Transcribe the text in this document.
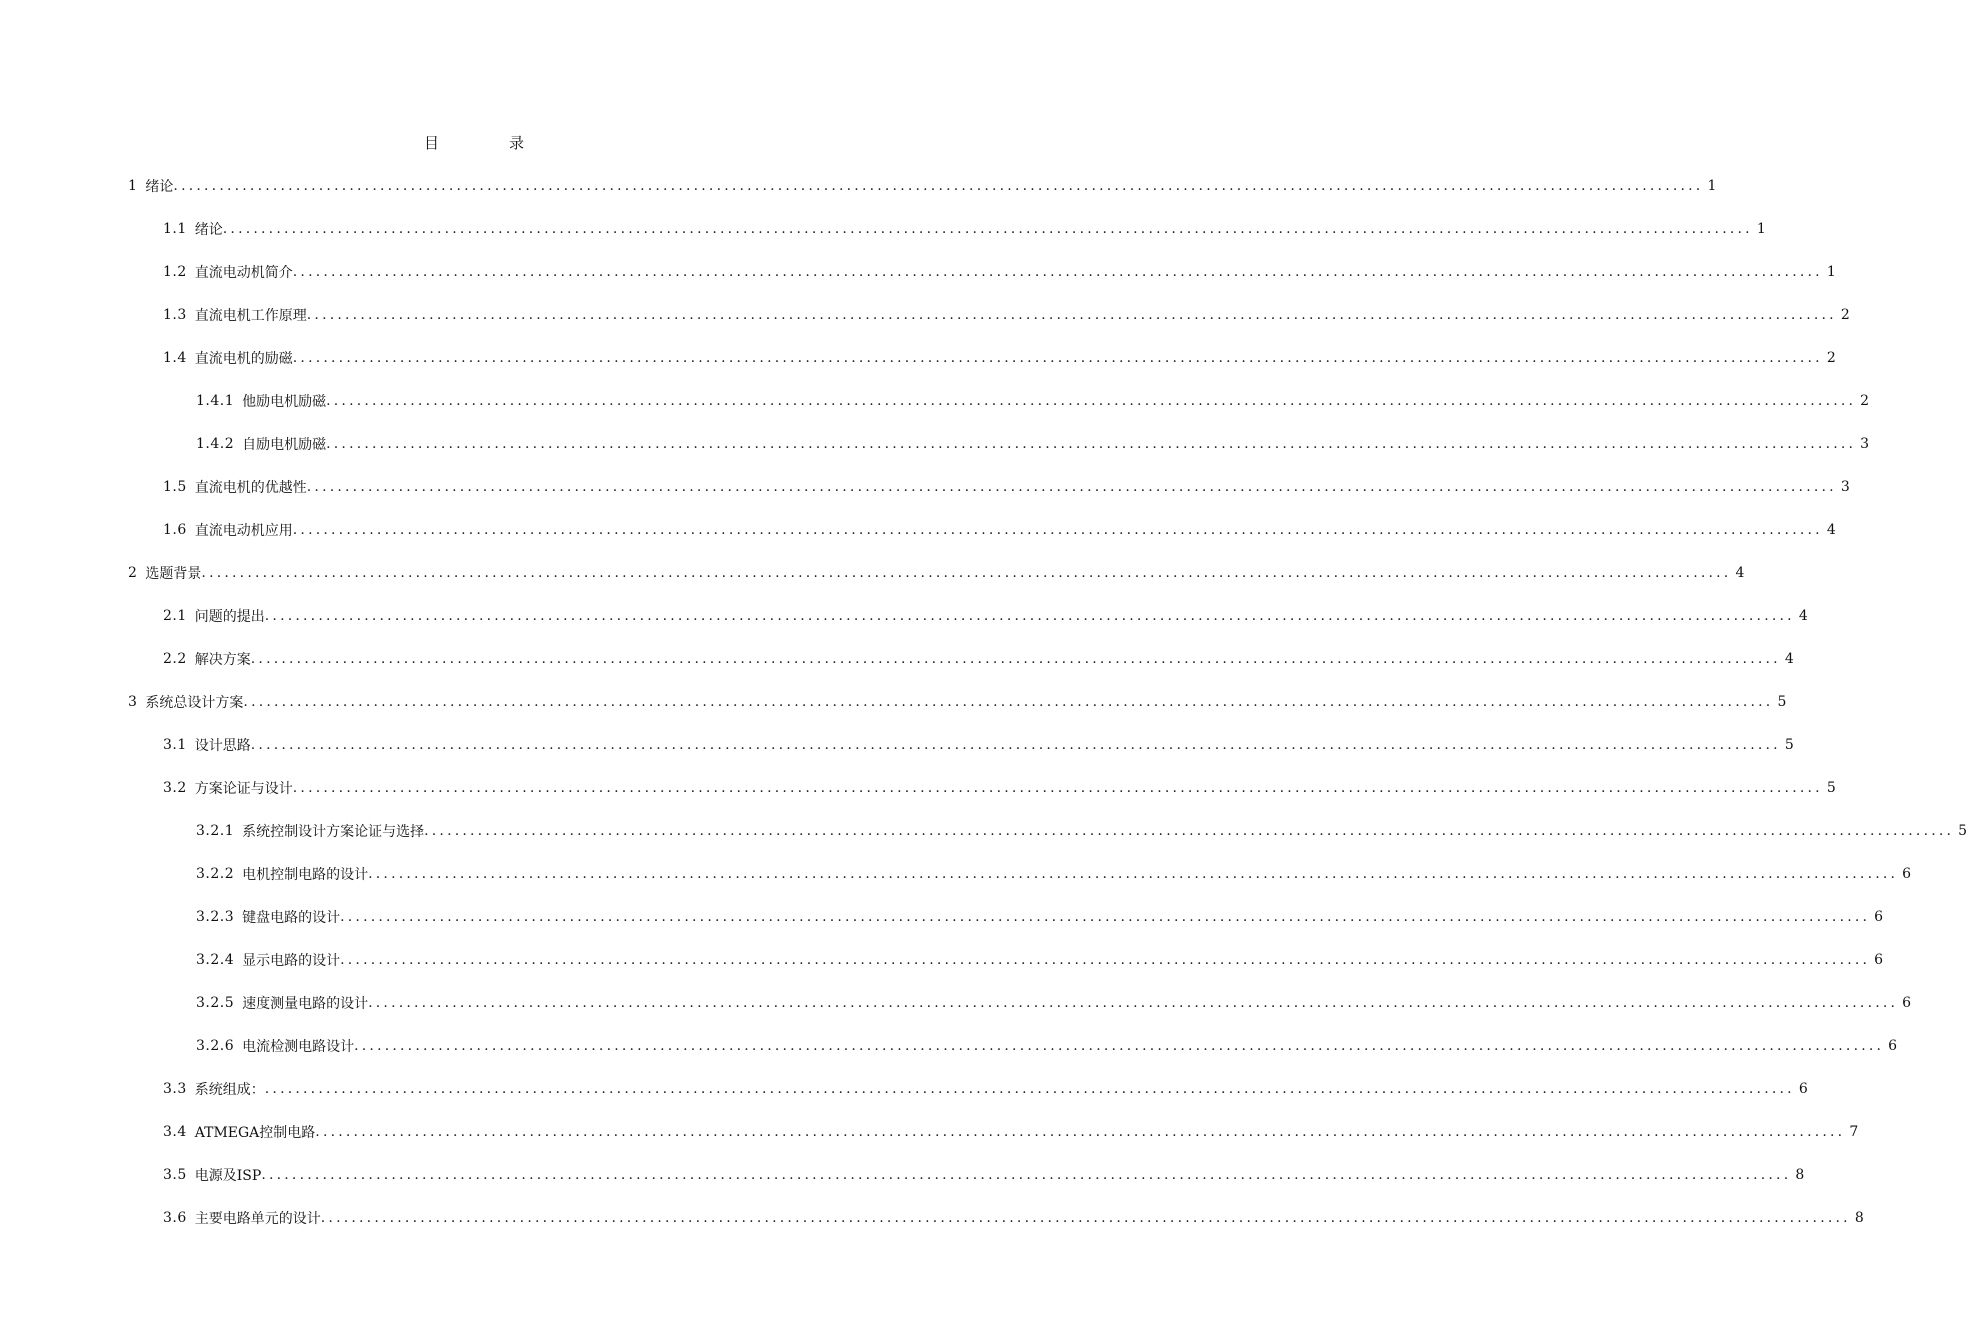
目	录
1 绪论 ........................................................................................................................................................................................................ 1
1.1 绪论 ........................................................................................................................................................................................................ 1
1.2 直流电动机简介 ........................................................................................................................................................................................................ 1
1.3 直流电机工作原理 ........................................................................................................................................................................................................ 2
1.4 直流电机的励磁 ........................................................................................................................................................................................................ 2
1.4.1 他励电机励磁 ........................................................................................................................................................................................................ 2
1.4.2 自励电机励磁 ........................................................................................................................................................................................................ 3
1.5 直流电机的优越性 ........................................................................................................................................................................................................ 3
1.6 直流电动机应用 ........................................................................................................................................................................................................ 4
2 选题背景 ........................................................................................................................................................................................................ 4
2.1 问题的提出 ........................................................................................................................................................................................................ 4
2.2 解决方案 ........................................................................................................................................................................................................ 4
3 系统总设计方案 ........................................................................................................................................................................................................ 5
3.1 设计思路 ........................................................................................................................................................................................................ 5
3.2 方案论证与设计 ........................................................................................................................................................................................................ 5
3.2.1 系统控制设计方案论证与选择 ........................................................................................................................................................................................................ 5
3.2.2 电机控制电路的设计 ........................................................................................................................................................................................................ 6
3.2.3 键盘电路的设计 ........................................................................................................................................................................................................ 6
3.2.4 显示电路的设计 ........................................................................................................................................................................................................ 6
3.2.5 速度测量电路的设计 ........................................................................................................................................................................................................ 6
3.2.6 电流检测电路设计 ........................................................................................................................................................................................................ 6
3.3 系统组成： ........................................................................................................................................................................................................ 6
3.4 ATMEGA控制电路 ........................................................................................................................................................................................................ 7
3.5 电源及ISP ........................................................................................................................................................................................................ 8
3.6 主要电路单元的设计 ........................................................................................................................................................................................................ 8
